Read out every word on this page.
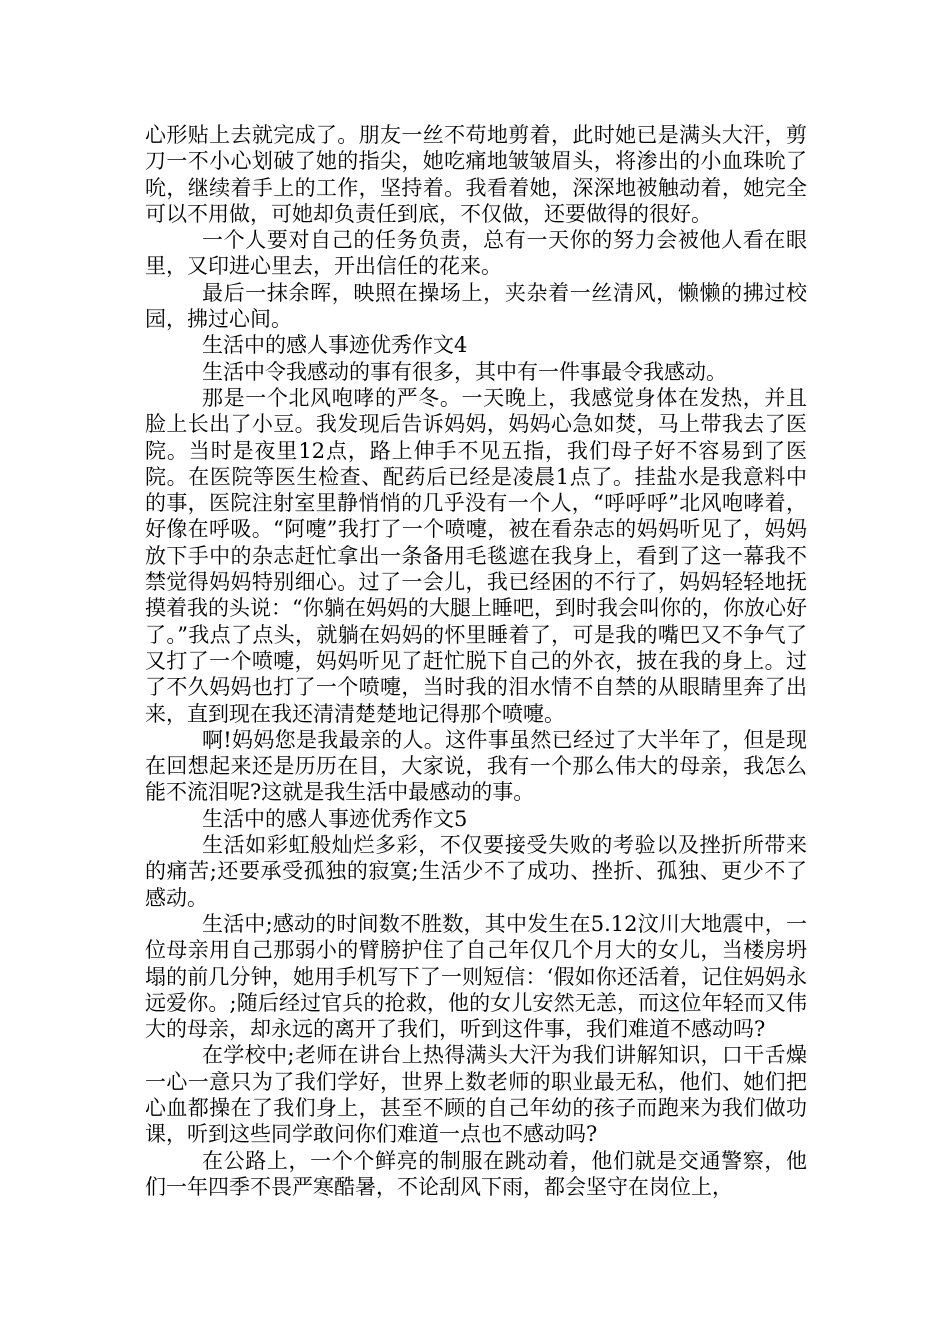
心形贴上去就完成了。朋友一丝不苟地剪着，此时她已是满头大汗，剪刀一不小心划破了她的指尖，她吃痛地皱皱眉头，将渗出的小血珠吮了吮，继续着手上的工作，坚持着。我看着她，深深地被触动着，她完全可以不用做，可她却负责任到底，不仅做，还要做得的很好。

一个人要对自己的任务负责，总有一天你的努力会被他人看在眼里，又印进心里去，开出信任的花来。

最后一抹余晖，映照在操场上，夹杂着一丝清风，懒懒的拂过校园，拂过心间。

生活中的感人事迹优秀作文4

生活中令我感动的事有很多，其中有一件事最令我感动。

那是一个北风咆哮的严冬。一天晚上，我感觉身体在发热，并且脸上长出了小豆。我发现后告诉妈妈，妈妈心急如焚，马上带我去了医院。当时是夜里12点，路上伸手不见五指，我们母子好不容易到了医院。在医院等医生检查、配药后已经是凌晨1点了。挂盐水是我意料中的事，医院注射室里静悄悄的几乎没有一个人，“呼呼呼”北风咆哮着，好像在呼吸。“阿嚏”我打了一个喷嚏，被在看杂志的妈妈听见了，妈妈放下手中的杂志赶忙拿出一条备用毛毯遮在我身上，看到了这一幕我不禁觉得妈妈特别细心。过了一会儿，我已经困的不行了，妈妈轻轻地抚摸着我的头说：“你躺在妈妈的大腿上睡吧，到时我会叫你的，你放心好了。”我点了点头，就躺在妈妈的怀里睡着了，可是我的嘴巴又不争气了又打了一个喷嚏，妈妈听见了赶忙脱下自己的外衣，披在我的身上。过了不久妈妈也打了一个喷嚏，当时我的泪水情不自禁的从眼睛里奔了出来，直到现在我还清清楚楚地记得那个喷嚏。

啊!妈妈您是我最亲的人。这件事虽然已经过了大半年了，但是现在回想起来还是历历在目，大家说，我有一个那么伟大的母亲，我怎么能不流泪呢?这就是我生活中最感动的事。

生活中的感人事迹优秀作文5

生活如彩虹般灿烂多彩，不仅要接受失败的考验以及挫折所带来的痛苦;还要承受孤独的寂寞;生活少不了成功、挫折、孤独、更少不了感动。

生活中;感动的时间数不胜数，其中发生在5.12汶川大地震中，一位母亲用自己那弱小的臂膀护住了自己年仅几个月大的女儿，当楼房坍塌的前几分钟，她用手机写下了一则短信：‘假如你还活着，记住妈妈永远爱你。;随后经过官兵的抢救，他的女儿安然无恙，而这位年轻而又伟大的母亲，却永远的离开了我们，听到这件事，我们难道不感动吗?

在学校中;老师在讲台上热得满头大汗为我们讲解知识，口干舌燥一心一意只为了我们学好，世界上数老师的职业最无私，他们、她们把心血都操在了我们身上，甚至不顾的自己年幼的孩子而跑来为我们做功课，听到这些同学敢问你们难道一点也不感动吗?

在公路上，一个个鲜亮的制服在跳动着，他们就是交通警察，他们一年四季不畏严寒酷暑，不论刮风下雨，都会坚守在岗位上，
